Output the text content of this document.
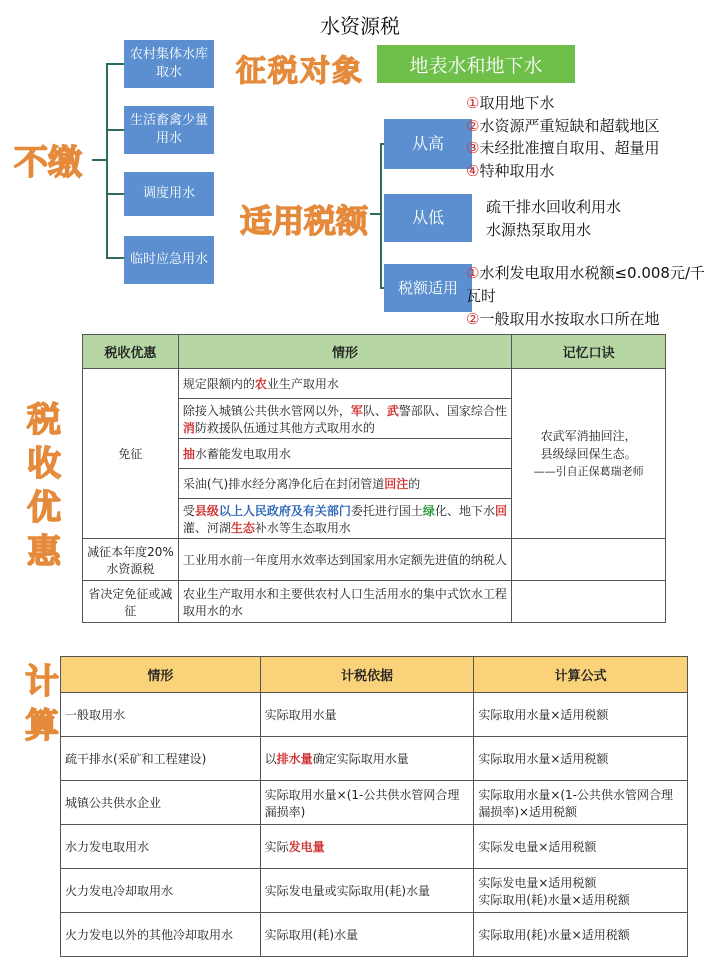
水资源税
不缴
农村集体水库取水
生活畜禽少量用水
调度用水
临时应急用水
征税对象	地表水和地下水
适用税额
从高
①取用地下水
②水资源严重短缺和超载地区
③未经批准擅自取用、超量用
④特种取用水
从低
疏干排水回收利用水
水源热泵取用水
税额适用
①水利发电取用水税额≤0.008元/千瓦时
②一般取用水按取水口所在地
税
收
优
惠
税收优惠	情形	记忆口诀
免征	规定限额内的农业生产取用水	农武军消抽回注，
县级绿回保生态。
——引自正保葛瑞老师

	除接入城镇公共供水管网以外，军队、武警部队、国家综合性消防救援队伍通过其他方式取用水的	
	抽水蓄能发电取用水	
	采油(气)排水经分离净化后在封闭管道回注的	
	受县级以上人民政府及有关部门委托进行国土绿化、地下水回灌、河湖生态补水等生态取用水	
减征本年度20%水资源税	工业用水前一年度用水效率达到国家用水定额先进值的纳税人	
省决定免征或减征	农业生产取用水和主要供农村人口生活用水的集中式饮水工程取用水的水	
计
算
情形	计税依据	计算公式
一般取用水	实际取用水量	实际取用水量×适用税额
疏干排水(采矿和工程建设)	以排水量确定实际取用水量	实际取用水量×适用税额
城镇公共供水企业	实际取用水量×(1-公共供水管网合理漏损率)	实际取用水量×(1-公共供水管网合理漏损率)×适用税额
水力发电取用水	实际发电量	实际发电量×适用税额
火力发电冷却取用水	实际发电量或实际取用(耗)水量	实际发电量×适用税额
实际取用(耗)水量×适用税额

火力发电以外的其他冷却取用水	实际取用(耗)水量	实际取用(耗)水量×适用税额
